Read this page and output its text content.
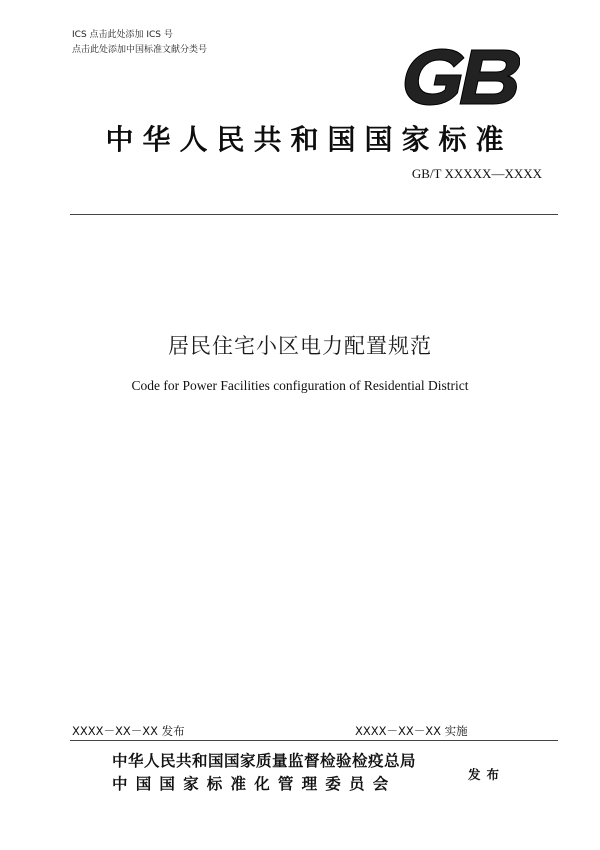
ICS 点击此处添加 ICS 号
点击此处添加中国标准文献分类号
中华人民共和国国家标准
GB/T XXXXX—XXXX
居民住宅小区电力配置规范
Code for Power Facilities configuration of Residential District
XXXX－XX－XX 发布	XXXX－XX－XX 实施
中华人民共和国国家质量监督检验检疫总局
中国国家标准化管理委员会
发布
